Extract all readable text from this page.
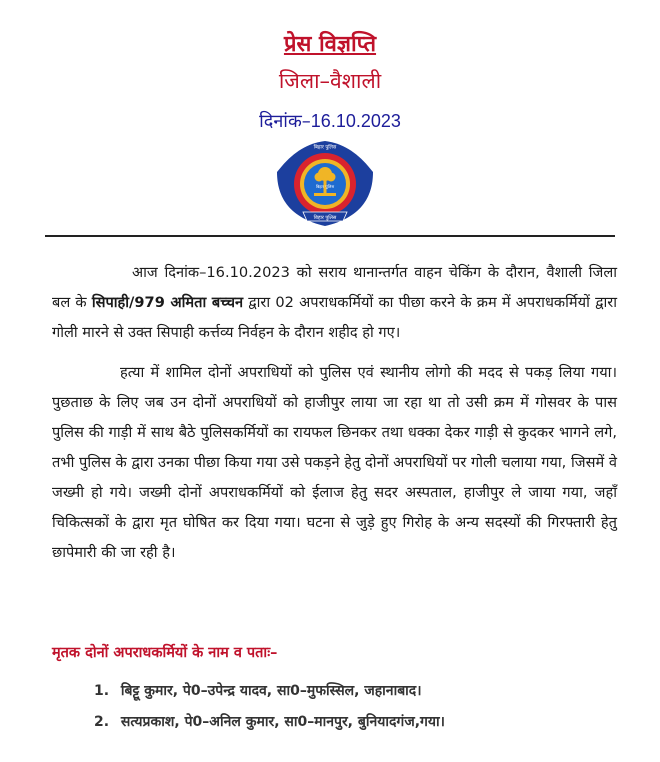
प्रेस विज्ञप्ति
जिला–वैशाली
दिनांक–16.10.2023
बिहार पुलिस
बिहार पुलिस
बिहार पुलिस

आज दिनांक–16.10.2023 को सराय थानान्तर्गत वाहन चेकिंग के दौरान, वैशाली जिला बल के सिपाही/979 अमिता बच्चन द्वारा 02 अपराधकर्मियों का पीछा करने के क्रम में अपराधकर्मियों द्वारा गोली मारने से उक्त सिपाही कर्त्तव्य निर्वहन के दौरान शहीद हो गए।

हत्या में शामिल दोनों अपराधियों को पुलिस एवं स्थानीय लोगो की मदद से पकड़ लिया गया। पुछताछ के लिए जब उन दोनों अपराधियों को हाजीपुर लाया जा रहा था तो उसी क्रम में गोसवर के पास पुलिस की गाड़ी में साथ बैठे पुलिसकर्मियों का रायफल छिनकर तथा धक्का देकर गाड़ी से कुदकर भागने लगे, तभी पुलिस के द्वारा उनका पीछा किया गया उसे पकड़ने हेतु दोनों अपराधियों पर गोली चलाया गया, जिसमें वे जख्मी हो गये। जख्मी दोनों अपराधकर्मियों को ईलाज हेतु सदर अस्पताल, हाजीपुर ले जाया गया, जहाँ चिकित्सकों के द्वारा मृत घोषित कर दिया गया। घटना से जुड़े हुए गिरोह के अन्य सदस्यों की गिरफ्तारी हेतु छापेमारी की जा रही है।

मृतक दोनों अपराधकर्मियों के नाम व पताः–
1. बिट्टू कुमार, पे0–उपेन्द्र यादव, सा0–मुफस्सिल, जहानाबाद।
2. सत्यप्रकाश, पे0–अनिल कुमार, सा0–मानपुर, बुनियादगंज,गया।
